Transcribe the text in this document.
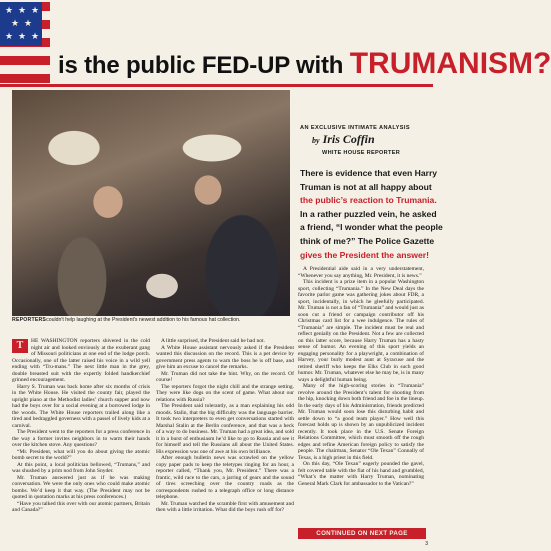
★ ★ ★
★ ★
★ ★ ★
is the public FED-UP with TRUMANISM?
REPORTERScouldn't help laughing at the President's newest addition to his famous hat collection.
AN EXCLUSIVE INTIMATE ANALYSIS
by Iris Coffin
WHITE HOUSE REPORTER
There is evidence that even Harry
Truman is not at all happy about
the public’s reaction to Trumania.
In a rather puzzled vein, he asked
a friend, “I wonder what the people
think of me?” The Police Gazette
gives the President the answer!
T	HE WASHINGTON reporters shivered in the cold night air and looked enviously at the exuberant gang of Missouri politicians at one end of the lodge porch. Occasionally, one of the latter raised his voice in a wild yell ending with “Tru-mans.” The next little man in the grey, double breasted suit with the expertly folded handkerchief grinned encouragement.

Harry S. Truman was back home after six months of crisis in the White House. He visited the county fair, played the upright piano at the Methodist ladies’ church supper and now had the boys over for a social evening at a borrowed lodge in the woods. The White House reporters trailed along like a tired and bedraggled governess with a passel of lively kids at a carnival.

The President went to the reporters for a press conference in the way a former invites neighbors in to warm their hands over the kitchen stove. Any questions?

“Mr. President, what will you do about giving the atomic bomb secret to the world?”

At this point, a local politician bellowed, “Trumans,” and was shushed by a prim nod from John Snyder.

Mr. Truman answered just as if he was making conversation. We were the only ones who could make atomic bombs. We’d keep it that way. (The President may not be quoted in quotation marks at his press conferences.)

“Have you talked this over with our atomic partners, Britain and Canada?”

A little surprised, the President said he had not.

A White House assistant nervously asked if the President wanted this discussion on the record. This is a pet device by government press agents to warn the boss he is off base, and give him an excuse to cancel the remarks.

Mr. Truman did not take the hint. Why, on the record. Of course!

The reporters forgot the night chill and the strange setting. They were like dogs on the scent of game. What about our relations with Russia?

The President said tolerantly, as a man explaining his odd moods. Stalin, that the big difficulty was the language barrier. It took two interpreters to even get conversations started with Marshal Stalin at the Berlin conference, and that was a heck of a way to do business. Mr. Truman had a great idea, and sold it in a burst of enthusiasm he’d like to go to Russia and see it for himself and tell the Russians all about the United States. His expression was one of awe at his own brilliance.

After enough bulletin news was scrawled on the yellow copy paper pads to keep the teletypes ringing for an hour, a reporter called, “Thank you, Mr. President.” There was a frantic, wild race to the cars, a jarring of gears and the sound of tires screeching over the country roads as the correspondents rushed to a telegraph office or long distance telephone.

Mr. Truman watched the scramble first with amusement and then with a little irritation. What did the boys rush off for?

A Presidential aide said in a very understatement, “Whenever you say anything, Mr. President, it is news.”

This incident is a prize item in a popular Washington sport, collecting “Trumania.” In the New Deal days the favorite parlor game was gathering jokes about FDR, a sport, incidentally, in which he gleefully participated. Mr. Truman is not a fan of “Trumania” and would just as soon cut a friend or campaign contributor off his Christmas card list for a wee indulgence. The rules of “Trumania” are simple. The incident must be real and reflect genially on the President. Not a few are collected on this latter score, because Harry Truman has a hasty sense of humor. An evening of this sport yields an engaging personality for a playwright, a combination of Harvey, your burly modest aunt at Syracuse and the retired sheriff who keeps the Elks Club in such good humor. Mr. Truman, whatever else he may be, is in many ways a delightful human being.

Many of the high-scoring stories in “Trumania” revolve around the President’s talent for shooting from the hip, knocking down both friend and foe in the lineup. In the early days of his Administration, friends predicted Mr. Truman would soon lose this disturbing habit and settle down to “a good team player.” How well this forecast holds up is shown by an unpublicized incident recently. It took place in the U.S. Senate Foreign Relations Committee, which must smooth off the rough edges and refine American foreign policy to satisfy the people. The chairman, Senator “Ole Texan” Connally of Texas, is a high priest in this field.

On this day, “Ole Texan” eagerly pounded the gavel, felt covered table with the flat of his hand and grumbled, “What’s the matter with Harry Truman, nominating General Mark Clark for ambassador to the Vatican?”

CONTINUED ON NEXT PAGE
3
